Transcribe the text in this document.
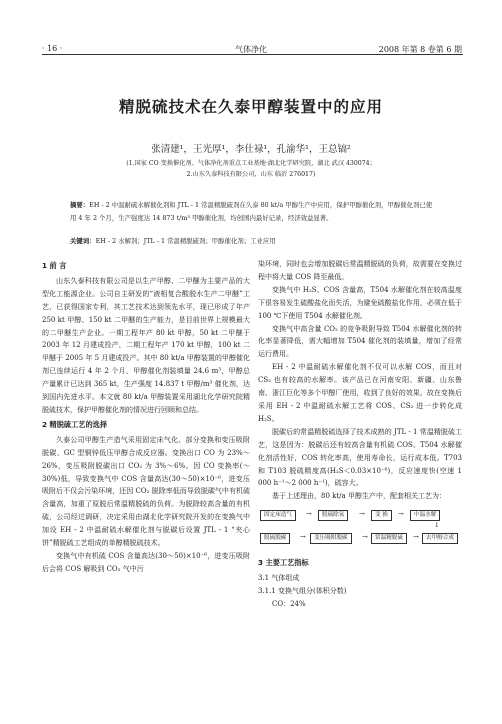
· 16 ·	气体净化	2008 年第 8 卷第 6 期
精脱硫技术在久泰甲醇装置中的应用
张清建¹，王光厚¹，李仕禄¹，孔渝华¹，王总镐²
(1.国家 CO 变换催化剂、气体净化剂重点工业基地·湖北化学研究院，湖北 武汉 430074；
2.山东久泰科技有限公司，山东 临沂 276017)
摘要：EH - 2 中温耐硫水解催化剂和 JTL - 1 常温精脱硫剂在久泰 80 kt/a 甲醇生产中应用，保护甲醇催化剂，甲醇催化剂已使用 4 年 2 个月，生产强度达 14 873 t/m³ 甲醇催化剂，均创国内最好记录，经济效益显著。
关键词：EH - 2 水解剂；JTL - 1 常温精脱硫剂；甲醇催化剂；工业应用

1 前 言

山东久泰科技有限公司是以生产甲醇、二甲醚为主要产品的大型化工能源企业。公司自主研发的“液相复合酸脱水生产二甲醚”工艺，已获得国家专利，其工艺技术达到领先水平，现已形成了年产 250 kt 甲醇、150 kt 二甲醚的生产能力，是目前世界上规模最大的二甲醚生产企业。一期工程年产 80 kt 甲醇，50 kt 二甲醚于 2003 年 12 月建成投产，二期工程年产 170 kt 甲醇，100 kt 二甲醚于 2005 年 5 月建成投产。其中 80 kt/a 甲醇装置的甲醇催化剂已连续运行 4 年 2 个月，甲醇催化剂装填量 24.6 m³，甲醇总产量累计已达到 365 kt，生产强度 14.837 t 甲醇/m³ 催化剂，达到国内先进水平。本文就 80 kt/a 甲醇装置采用湖北化学研究院精脱硫技术，保护甲醇催化剂的情况进行回顾和总结。

2 精脱硫工艺的选择

久泰公司甲醇生产造气采用固定床气化、部分变换和变压吸附脱碳、GC 型铜锌低压甲醇合成反应器。变换出口 CO 为 23%～26%，变压吸附脱碳出口 CO₂ 为 3%～6%。因 CO 变换率(～30%)低，导致变换气中 COS 含量高达(30～50)×10⁻⁶，进变压吸附后不仅会污染环境，还因 CO₂ 脱除率低而导致脱碳气中有机硫含量高，加重了原脱后常温精脱硫的负荷。为脱除较高含量的有机硫，公司经过调研，决定采用由湖北化学研究院开发的在变换气中加设 EH - 2 中温耐硫水解催化剂与脱碳后设置 JTL - 1 “夹心饼”精脱硫工艺组成的单醇精脱硫技术。

变换气中有机硫 COS 含量高达(30～50)×10⁻⁶，进变压吸附后会将 COS 解吸到 CO₂ 气中污

染环境，同时也会增加脱碳后常温精脱硫的负荷，故需要在变换过程中将大量 COS 降至最低。

变换气中 H₂S、COS 含量高，T504 水解催化剂在较高温度下很容易发生硫酸盐化而失活，为避免硫酸盐化作用，必须在低于 100 ℃下使用 T504 水解催化剂。

变换气中高含量 CO₂ 的竞争吸附导致 T504 水解催化剂的转化率显著降低，需大幅增加 T504 催化剂的装填量，增加了经常运行费用。

EH - 2 中温耐硫水解催化剂不仅可以水解 COS，而且对 CS₂ 也有较高的水解率。该产品已在河南安阳、新疆、山东鲁南、浙江巨化等多个甲醇厂使用，收到了良好的效果。故在变换后采用 EH - 2 中温耐硫水解工艺将 COS、CS₂ 进一步转化成 H₂S。

脱碳后的常温精脱硫选择了技术成熟的 JTL - 1 常温精脱硫工艺，这是因为：脱碳后还有较高含量有机硫 COS。T504 水解催化剂活性好，COS 转化率高，使用寿命长，运行成本低。T703 和 T103 脱硫精度高(H₂S＜0.03×10⁻⁶)，反应速度快(空速 1 000 h⁻¹～2 000 h⁻¹)，硫容大。

基于上述理由，80 kt/a 甲醇生产中，配套相关工艺为：

固定床造气	→	脱硫除氧	→	变 换	→	中温水解
↓
脱硫脱碳	→	变压吸附脱碳	→	常温精脱硫	→	去甲醇合成

3 主要工艺指标

3.1 气体组成

3.1.1 变换气组分(体积分数)

CO：24%
